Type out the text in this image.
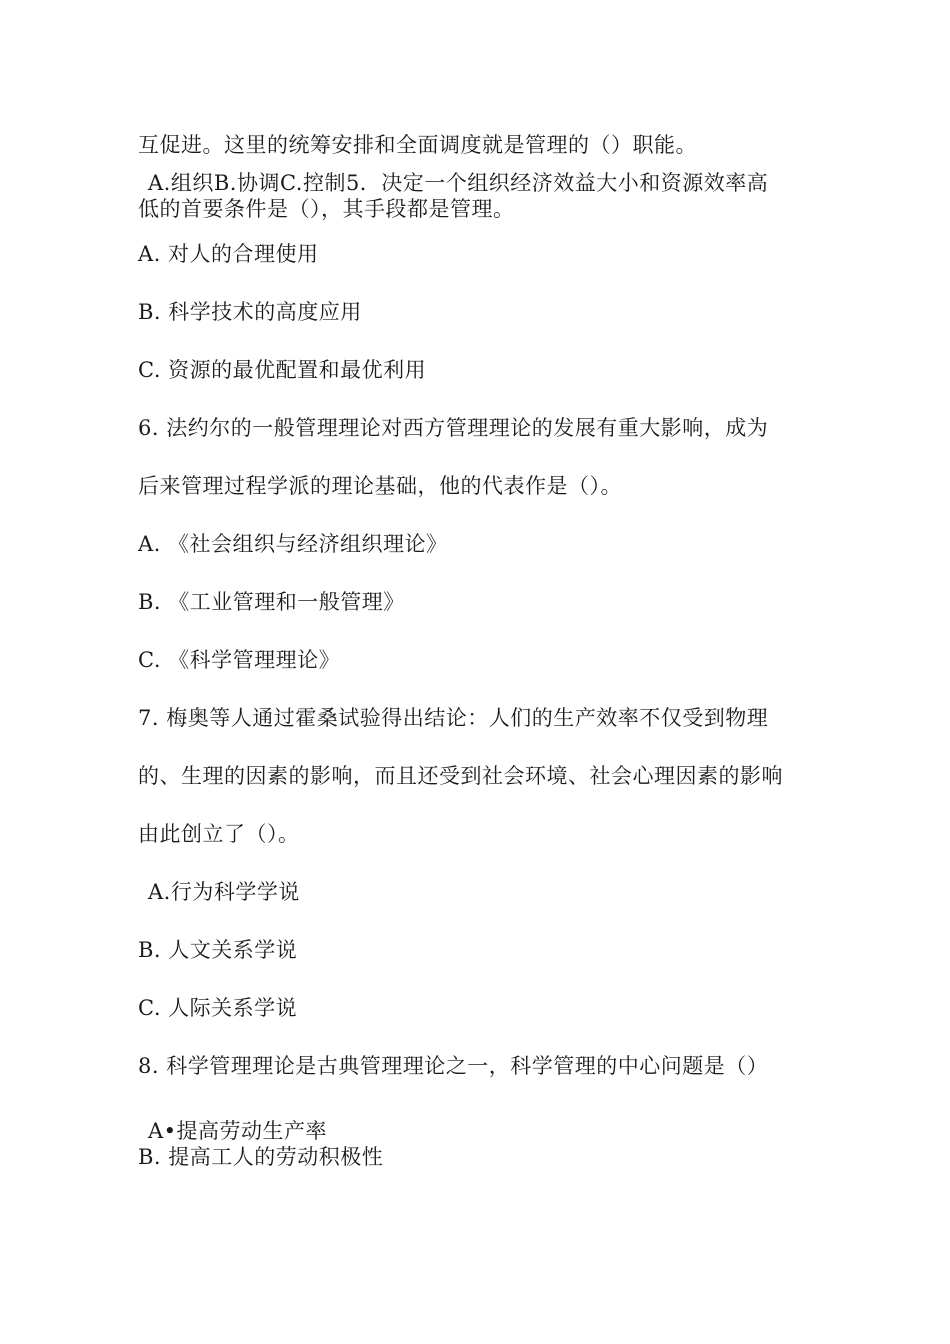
互促进。这里的统筹安排和全面调度就是管理的（）职能。
A.组织B.协调C.控制5．决定一个组织经济效益大小和资源效率高
低的首要条件是（），其手段都是管理。
A. 对人的合理使用
B. 科学技术的高度应用
C. 资源的最优配置和最优利用
6. 法约尔的一般管理理论对西方管理理论的发展有重大影响，成为
后来管理过程学派的理论基础，他的代表作是（）。
A. 《社会组织与经济组织理论》
B. 《工业管理和一般管理》
C. 《科学管理理论》
7. 梅奥等人通过霍桑试验得出结论：人们的生产效率不仅受到物理
的、生理的因素的影响，而且还受到社会环境、社会心理因素的影响
由此创立了（）。
A.行为科学学说
B. 人文关系学说
C. 人际关系学说
8. 科学管理理论是古典管理理论之一，科学管理的中心问题是（）
A•提高劳动生产率
B. 提高工人的劳动积极性
